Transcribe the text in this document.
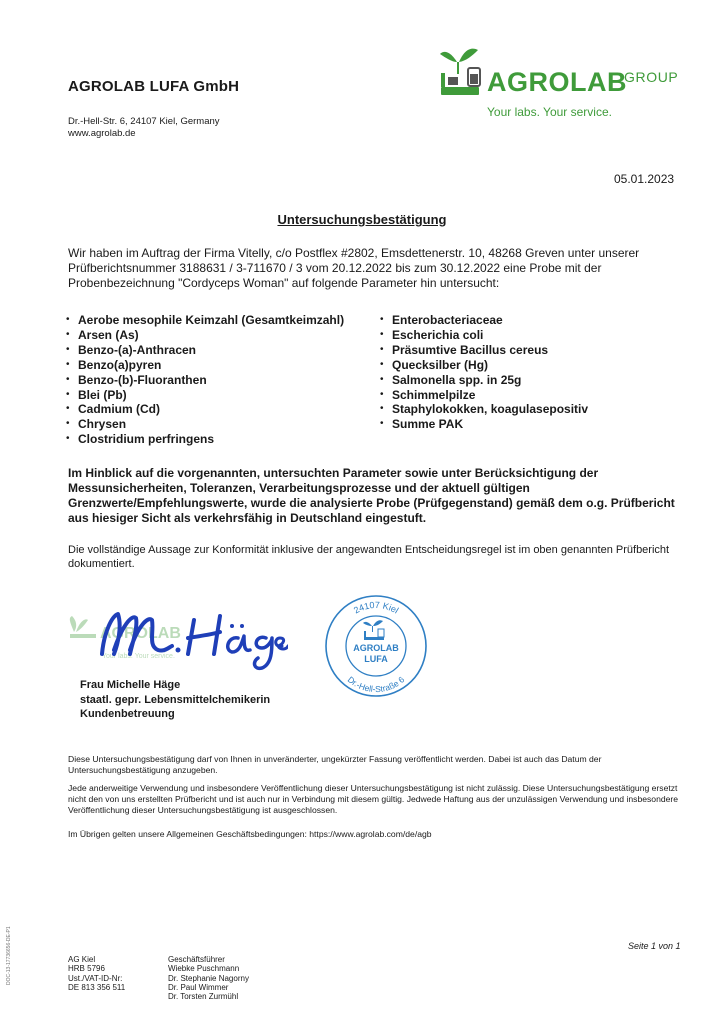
AGROLAB LUFA GmbH
Dr.-Hell-Str. 6, 24107 Kiel, Germany
www.agrolab.de
AGROLAB
GROUP
Your labs. Your service.
05.01.2023
Untersuchungsbestätigung

Wir haben im Auftrag der Firma Vitelly, c/o Postflex #2802, Emsdettenerstr. 10, 48268 Greven unter unserer Prüfberichtsnummer 3188631 / 3-711670 / 3 vom 20.12.2022 bis zum 30.12.2022 eine Probe mit der Probenbezeichnung "Cordyceps Woman" auf folgende Parameter hin untersucht:

• Aerobe mesophile Keimzahl (Gesamtkeimzahl)
• Arsen (As)
• Benzo-(a)-Anthracen
• Benzo(a)pyren
• Benzo-(b)-Fluoranthen
• Blei (Pb)
• Cadmium (Cd)
• Chrysen
• Clostridium perfringens
• Enterobacteriaceae
• Escherichia coli
• Präsumtive Bacillus cereus
• Quecksilber (Hg)
• Salmonella spp. in 25g
• Schimmelpilze
• Staphylokokken, koagulasepositiv
• Summe PAK

Im Hinblick auf die vorgenannten, untersuchten Parameter sowie unter Berücksichtigung der Messunsicherheiten, Toleranzen, Verarbeitungsprozesse und der aktuell gültigen Grenzwerte/Empfehlungswerte, wurde die analysierte Probe (Prüfgegenstand) gemäß dem o.g. Prüfbericht aus hiesiger Sicht als verkehrsfähig in Deutschland eingestuft.

Die vollständige Aussage zur Konformität inklusive der angewandten Entscheidungsregel ist im oben genannten Prüfbericht dokumentiert.

AGROLAB
Your labs. Your service.
24107 Kiel
Dr.-Hell-Straße 6
AGROLAB
LUFA
Frau Michelle Häge
staatl. gepr. Lebensmittelchemikerin
Kundenbetreuung

Diese Untersuchungsbestätigung darf von Ihnen in unveränderter, ungekürzter Fassung veröffentlicht werden. Dabei ist auch das Datum der Untersuchungsbestätigung anzugeben.

Jede anderweitige Verwendung und insbesondere Veröffentlichung dieser Untersuchungsbestätigung ist nicht zulässig. Diese Untersuchungsbestätigung ersetzt nicht den von uns erstellten Prüfbericht und ist auch nur in Verbindung mit diesem gültig. Jedwede Haftung aus der unzulässigen Verwendung und insbesondere Veröffentlichung dieser Untersuchungsbestätigung ist ausgeschlossen.

Im Übrigen gelten unsere Allgemeinen Geschäftsbedingungen: https://www.agrolab.com/de/agb

DOC-13-17736656-DE-P1	Seite 1 von 1
AG Kiel
HRB 5796
Ust./VAT-ID-Nr:
DE 813 356 511
Geschäftsführer
Wiebke Puschmann
Dr. Stephanie Nagorny
Dr. Paul Wimmer
Dr. Torsten Zurmühl
